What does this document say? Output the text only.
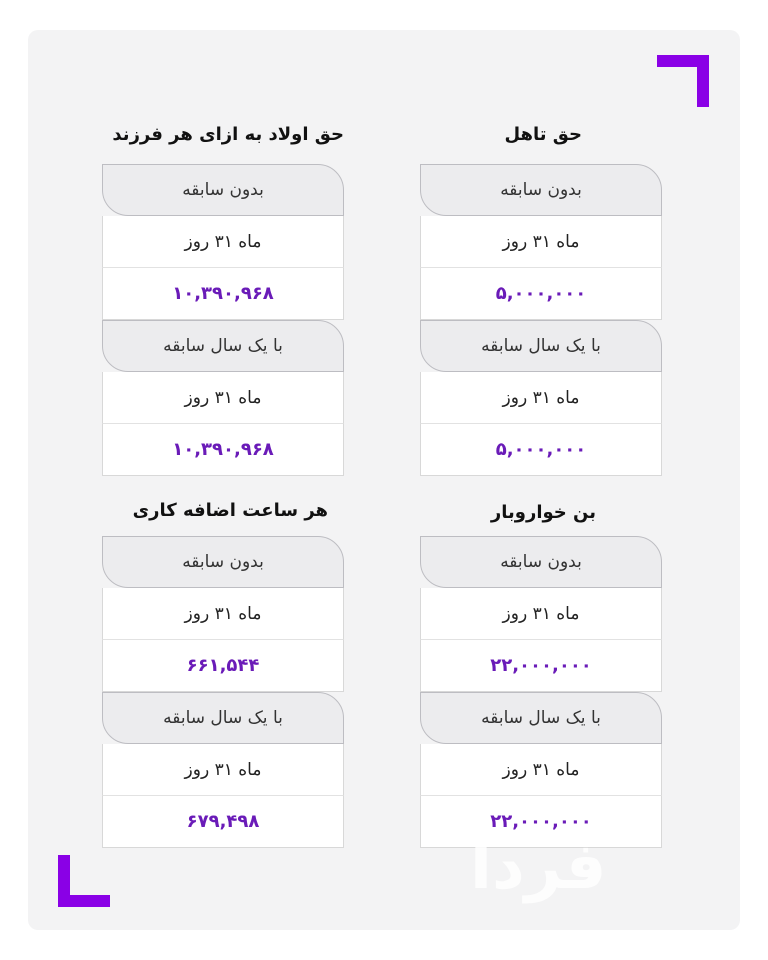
حق تاهل
بدون سابقه
ماه ۳۱ روز
۵,۰۰۰,۰۰۰
با یک سال سابقه
ماه ۳۱ روز
۵,۰۰۰,۰۰۰
حق اولاد به ازای هر فرزند
بدون سابقه
ماه ۳۱ روز
۱۰,۳۹۰,۹۶۸
با یک سال سابقه
ماه ۳۱ روز
۱۰,۳۹۰,۹۶۸
بن خواروبار
بدون سابقه
ماه ۳۱ روز
۲۲,۰۰۰,۰۰۰
با یک سال سابقه
ماه ۳۱ روز
۲۲,۰۰۰,۰۰۰
هر ساعت اضافه کاری
بدون سابقه
ماه ۳۱ روز
۶۶۱,۵۴۴
با یک سال سابقه
ماه ۳۱ روز
۶۷۹,۴۹۸
فردا
